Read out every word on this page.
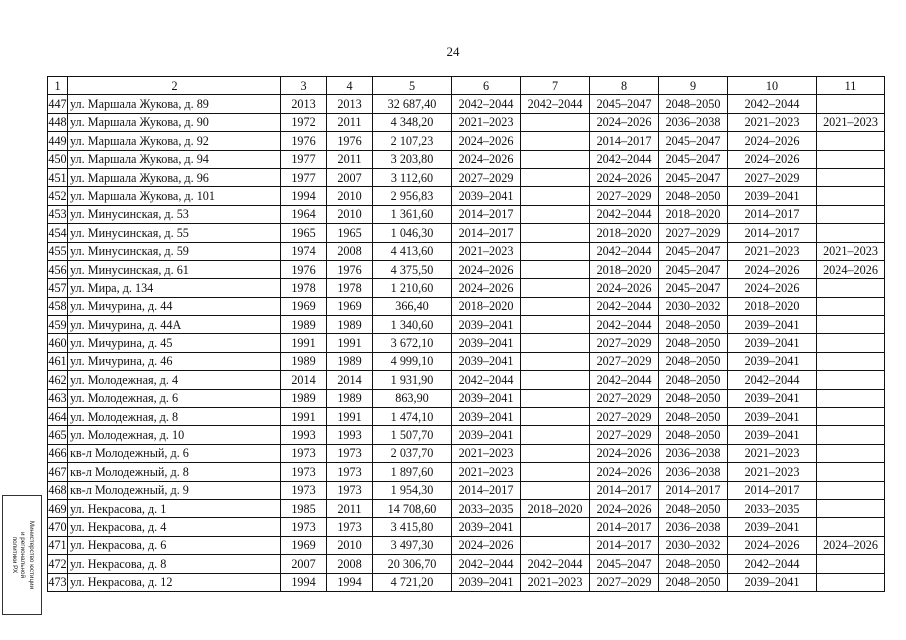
24
1	2	3	4	5	6	7	8	9	10	11
447	ул. Маршала Жукова, д. 89	2013	2013	32 687,40	2042–2044	2042–2044	2045–2047	2048–2050	2042–2044	
448	ул. Маршала Жукова, д. 90	1972	2011	4 348,20	2021–2023		2024–2026	2036–2038	2021–2023	2021–2023
449	ул. Маршала Жукова, д. 92	1976	1976	2 107,23	2024–2026		2014–2017	2045–2047	2024–2026	
450	ул. Маршала Жукова, д. 94	1977	2011	3 203,80	2024–2026		2042–2044	2045–2047	2024–2026	
451	ул. Маршала Жукова, д. 96	1977	2007	3 112,60	2027–2029		2024–2026	2045–2047	2027–2029	
452	ул. Маршала Жукова, д. 101	1994	2010	2 956,83	2039–2041		2027–2029	2048–2050	2039–2041	
453	ул. Минусинская, д. 53	1964	2010	1 361,60	2014–2017		2042–2044	2018–2020	2014–2017	
454	ул. Минусинская, д. 55	1965	1965	1 046,30	2014–2017		2018–2020	2027–2029	2014–2017	
455	ул. Минусинская, д. 59	1974	2008	4 413,60	2021–2023		2042–2044	2045–2047	2021–2023	2021–2023
456	ул. Минусинская, д. 61	1976	1976	4 375,50	2024–2026		2018–2020	2045–2047	2024–2026	2024–2026
457	ул. Мира, д. 134	1978	1978	1 210,60	2024–2026		2024–2026	2045–2047	2024–2026	
458	ул. Мичурина, д. 44	1969	1969	366,40	2018–2020		2042–2044	2030–2032	2018–2020	
459	ул. Мичурина, д. 44А	1989	1989	1 340,60	2039–2041		2042–2044	2048–2050	2039–2041	
460	ул. Мичурина, д. 45	1991	1991	3 672,10	2039–2041		2027–2029	2048–2050	2039–2041	
461	ул. Мичурина, д. 46	1989	1989	4 999,10	2039–2041		2027–2029	2048–2050	2039–2041	
462	ул. Молодежная, д. 4	2014	2014	1 931,90	2042–2044		2042–2044	2048–2050	2042–2044	
463	ул. Молодежная, д. 6	1989	1989	863,90	2039–2041		2027–2029	2048–2050	2039–2041	
464	ул. Молодежная, д. 8	1991	1991	1 474,10	2039–2041		2027–2029	2048–2050	2039–2041	
465	ул. Молодежная, д. 10	1993	1993	1 507,70	2039–2041		2027–2029	2048–2050	2039–2041	
466	кв-л Молодежный, д. 6	1973	1973	2 037,70	2021–2023		2024–2026	2036–2038	2021–2023	
467	кв-л Молодежный, д. 8	1973	1973	1 897,60	2021–2023		2024–2026	2036–2038	2021–2023	
468	кв-л Молодежный, д. 9	1973	1973	1 954,30	2014–2017		2014–2017	2014–2017	2014–2017	
469	ул. Некрасова, д. 1	1985	2011	14 708,60	2033–2035	2018–2020	2024–2026	2048–2050	2033–2035	
470	ул. Некрасова, д. 4	1973	1973	3 415,80	2039–2041		2014–2017	2036–2038	2039–2041	
471	ул. Некрасова, д. 6	1969	2010	3 497,30	2024–2026		2014–2017	2030–2032	2024–2026	2024–2026
472	ул. Некрасова, д. 8	2007	2008	20 306,70	2042–2044	2042–2044	2045–2047	2048–2050	2042–2044	
473	ул. Некрасова, д. 12	1994	1994	4 721,20	2039–2041	2021–2023	2027–2029	2048–2050	2039–2041	
Министерство юстиции
и региональной
политики РХ
